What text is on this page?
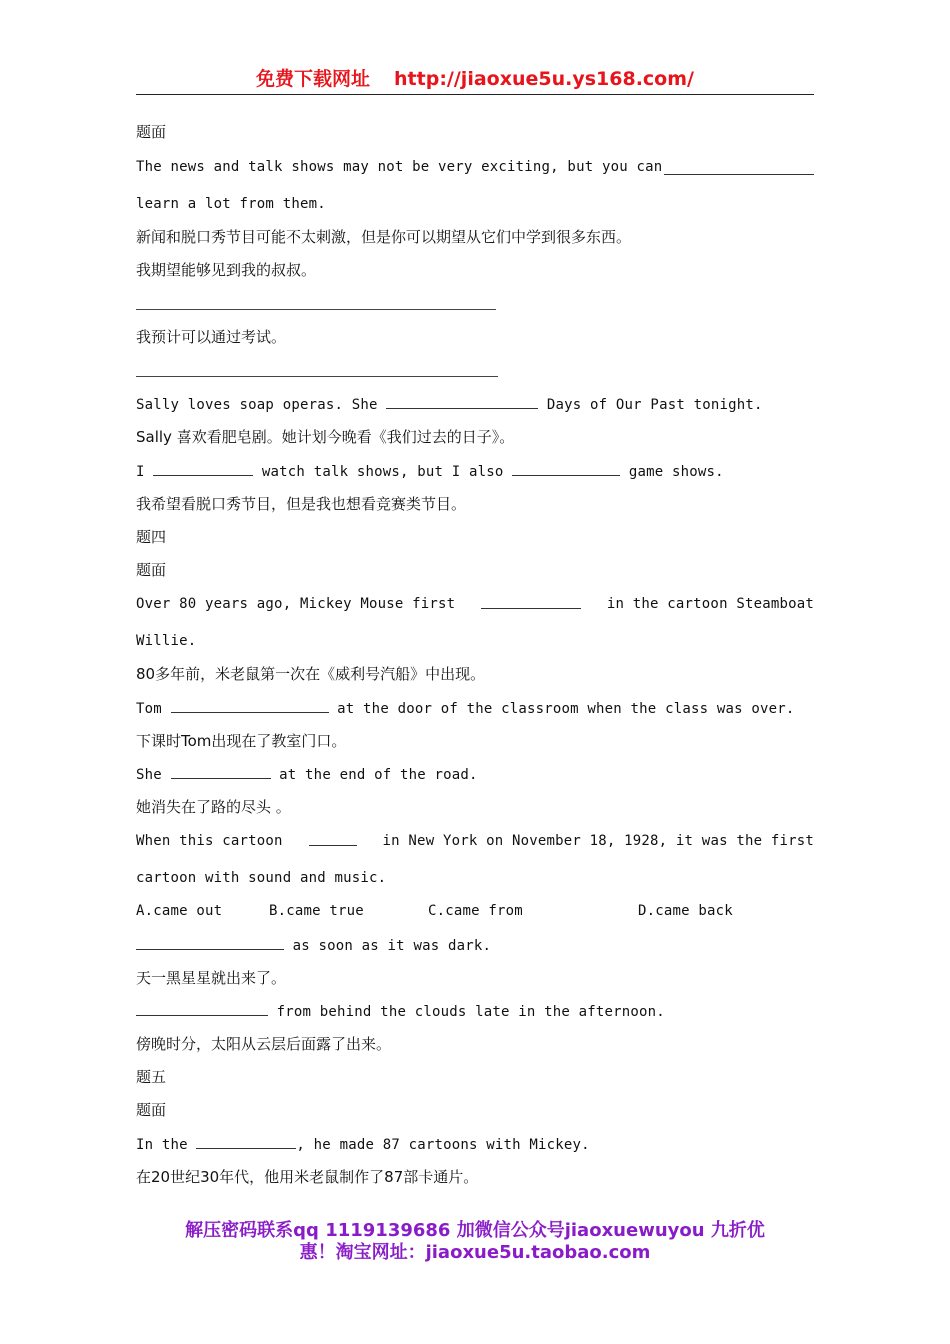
免费下载网址 http://jiaoxue5u.ys168.com/
题面
The news and talk shows may not be very exciting, but you can
learn a lot from them.
新闻和脱口秀节目可能不太刺激，但是你可以期望从它们中学到很多东西。
我期望能够见到我的叔叔。
我预计可以通过考试。
Sally loves soap operas. She	Days of Our Past tonight.
Sally 喜欢看肥皂剧。她计划今晚看《我们过去的日子》。
I	watch talk shows, but I also	game shows.
我希望看脱口秀节目，但是我也想看竞赛类节目。
题四
题面
Over 80 years ago, Mickey Mouse first	in the cartoon Steamboat
Willie.
80多年前，米老鼠第一次在《威利号汽船》中出现。
Tom	at the door of the classroom when the class was over.
下课时Tom出现在了教室门口。
She	at the end of the road.
她消失在了路的尽头 。
When this cartoon	in New York on November 18, 1928, it was the first
cartoon with sound and music.
A.came out	B.came true	C.came from	D.came back
as soon as it was dark.
天一黑星星就出来了。
from behind the clouds late in the afternoon.
傍晚时分，太阳从云层后面露了出来。
题五
题面
In the	, he made 87 cartoons with Mickey.
在20世纪30年代，他用米老鼠制作了87部卡通片。
解压密码联系qq 1119139686 加微信公众号jiaoxuewuyou 九折优
惠！淘宝网址：jiaoxue5u.taobao.com
